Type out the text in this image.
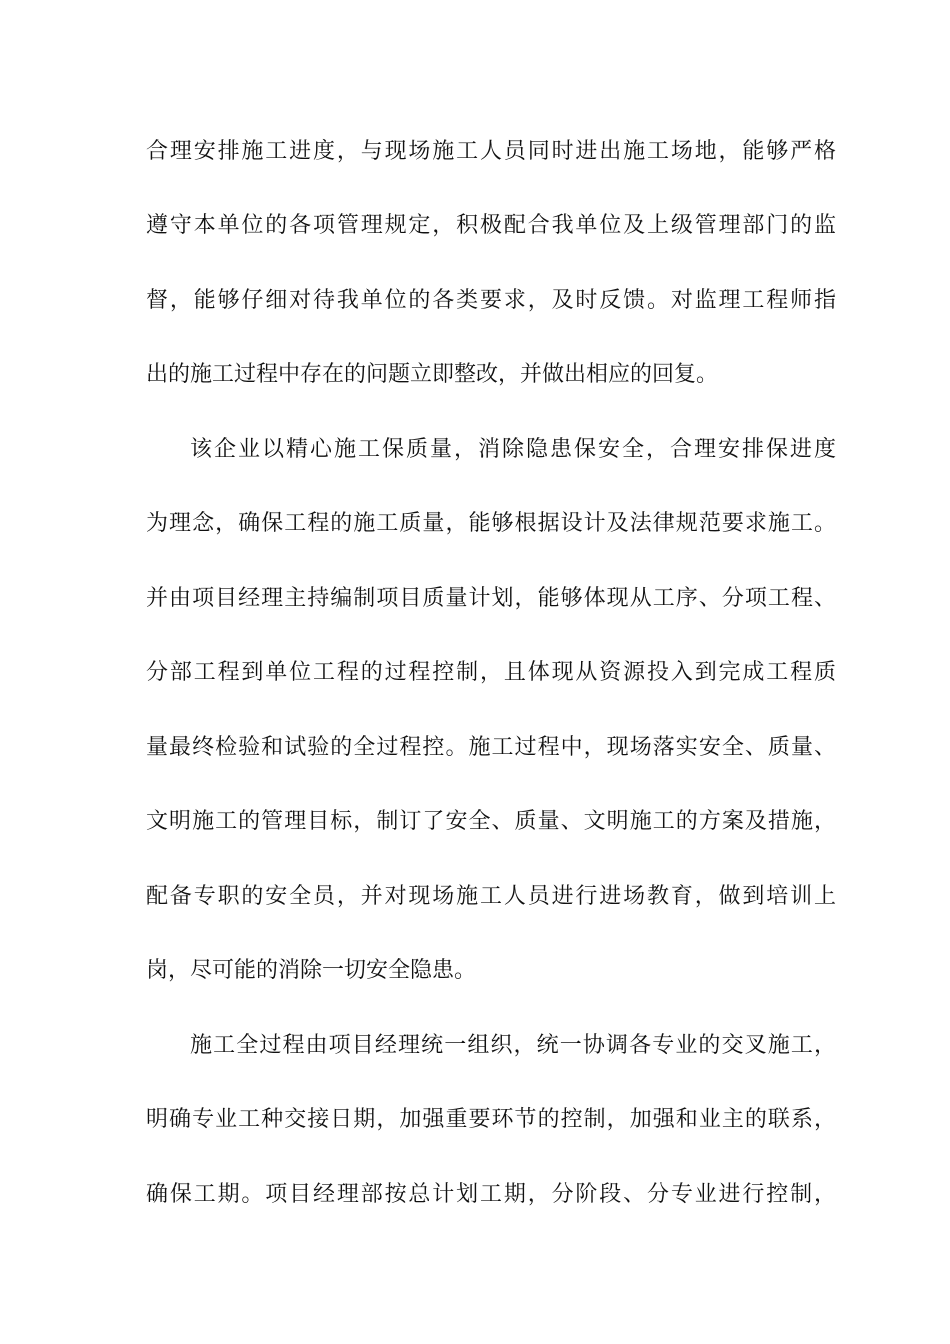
合理安排施工进度，与现场施工人员同时进出施工场地，能够严格
遵守本单位的各项管理规定，积极配合我单位及上级管理部门的监
督，能够仔细对待我单位的各类要求，及时反馈。对监理工程师指
出的施工过程中存在的问题立即整改，并做出相应的回复。
该企业以精心施工保质量，消除隐患保安全，合理安排保进度
为理念，确保工程的施工质量，能够根据设计及法律规范要求施工。
并由项目经理主持编制项目质量计划，能够体现从工序、分项工程、
分部工程到单位工程的过程控制，且体现从资源投入到完成工程质
量最终检验和试验的全过程控。施工过程中，现场落实安全、质量、
文明施工的管理目标，制订了安全、质量、文明施工的方案及措施，
配备专职的安全员，并对现场施工人员进行进场教育，做到培训上
岗，尽可能的消除一切安全隐患。
施工全过程由项目经理统一组织，统一协调各专业的交叉施工，
明确专业工种交接日期，加强重要环节的控制，加强和业主的联系，
确保工期。项目经理部按总计划工期，分阶段、分专业进行控制，
